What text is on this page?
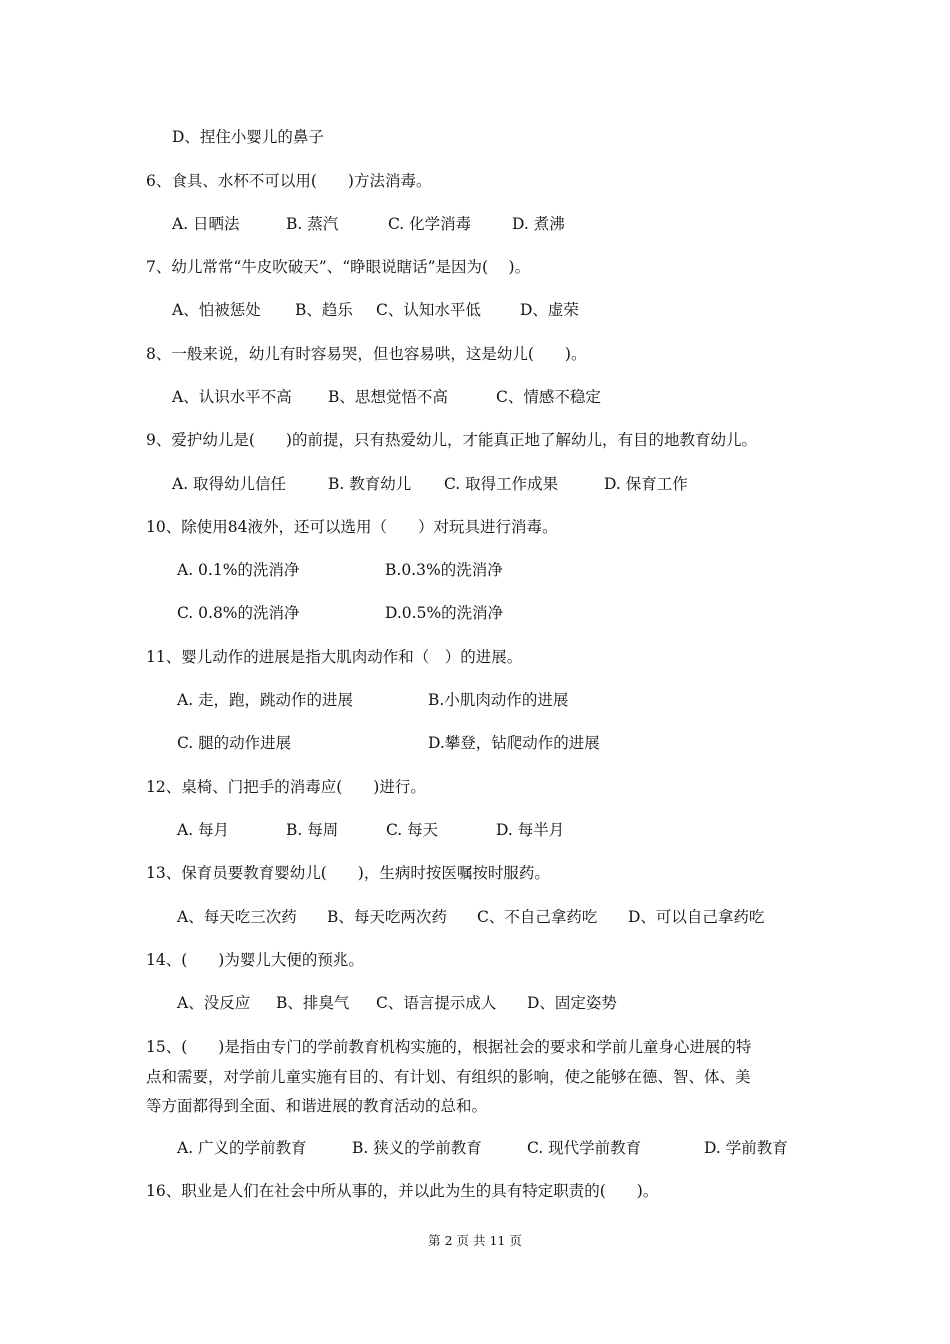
D、捏住小婴儿的鼻子
6、食具、水杯不可以用(　　)方法消毒。
A. 日晒法	B. 蒸汽	C. 化学消毒	D. 煮沸
7、幼儿常常“牛皮吹破天”、“睁眼说瞎话”是因为(　 )。
A、怕被惩处 B、趋乐 C、认知水平低	D、虚荣
8、一般来说，幼儿有时容易哭，但也容易哄，这是幼儿(　　)。
A、认识水平不高 B、思想觉悟不高	C、情感不稳定
9、爱护幼儿是(　　)的前提，只有热爱幼儿，才能真正地了解幼儿，有目的地教育幼儿。
A. 取得幼儿信任	B. 教育幼儿 C. 取得工作成果	D. 保育工作
10、除使用84液外，还可以选用（　　）对玩具进行消毒。
A. 0.1%的洗消净	B.0.3%的洗消净
C. 0.8%的洗消净	D.0.5%的洗消净
11、婴儿动作的进展是指大肌肉动作和（　）的进展。
A. 走，跑，跳动作的进展	B.小肌肉动作的进展
C. 腿的动作进展	D.攀登，钻爬动作的进展
12、桌椅、门把手的消毒应(　　)进行。
A. 每月	B. 每周	C. 每天	D. 每半月
13、保育员要教育婴幼儿(　　)，生病时按医嘱按时服药。
A、每天吃三次药 B、每天吃两次药 C、不自己拿药吃 D、可以自己拿药吃
14、(　　)为婴儿大便的预兆。
A、没反应 B、排臭气 C、语言提示成人 D、固定姿势
15、(　　)是指由专门的学前教育机构实施的，根据社会的要求和学前儿童身心进展的特
点和需要，对学前儿童实施有目的、有计划、有组织的影响，使之能够在德、智、体、美
等方面都得到全面、和谐进展的教育活动的总和。
A. 广义的学前教育	B. 狭义的学前教育	C. 现代学前教育	D. 学前教育
16、职业是人们在社会中所从事的，并以此为生的具有特定职责的(　　)。
第 2 页 共 11 页
